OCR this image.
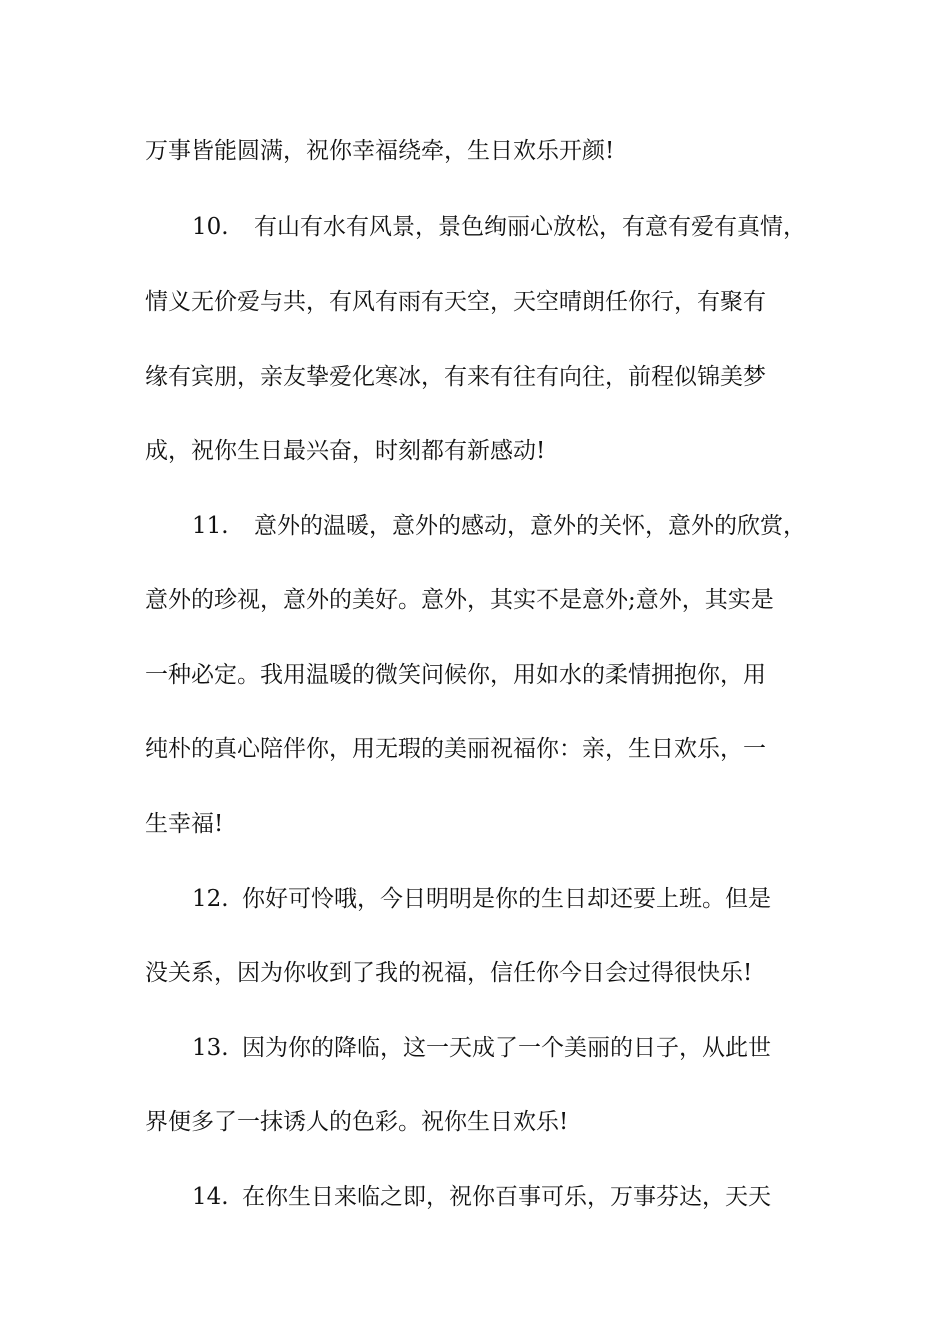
万事皆能圆满，祝你幸福绕牵，生日欢乐开颜!

10. 有山有水有风景，景色绚丽心放松，有意有爱有真情，

情义无价爱与共，有风有雨有天空，天空晴朗任你行，有聚有

缘有宾朋，亲友挚爱化寒冰，有来有往有向往，前程似锦美梦

成，祝你生日最兴奋，时刻都有新感动!

11. 意外的温暖，意外的感动，意外的关怀，意外的欣赏，

意外的珍视，意外的美好。意外，其实不是意外;意外，其实是

一种必定。我用温暖的微笑问候你，用如水的柔情拥抱你，用

纯朴的真心陪伴你，用无瑕的美丽祝福你：亲，生日欢乐，一

生幸福!

12. 你好可怜哦，今日明明是你的生日却还要上班。但是

没关系，因为你收到了我的祝福，信任你今日会过得很快乐!

13. 因为你的降临，这一天成了一个美丽的日子，从此世

界便多了一抹诱人的色彩。祝你生日欢乐!

14. 在你生日来临之即，祝你百事可乐，万事芬达，天天
